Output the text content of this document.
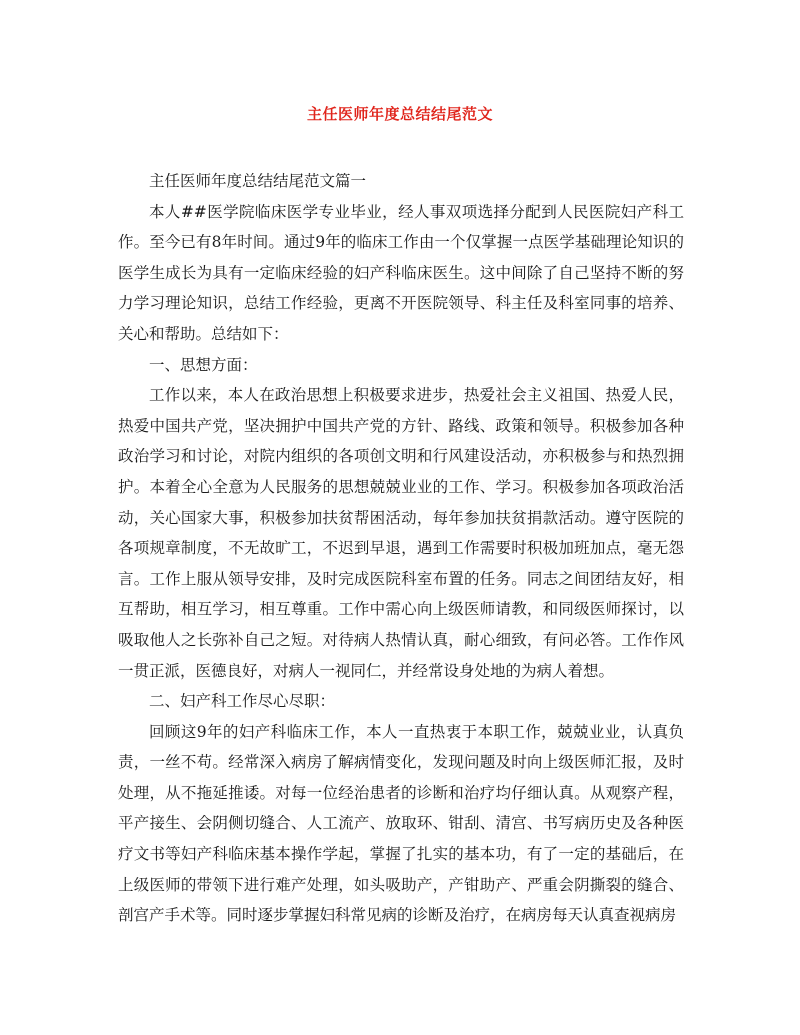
主任医师年度总结结尾范文

主任医师年度总结结尾范文篇一

本人##医学院临床医学专业毕业，经人事双项选择分配到人民医院妇产科工作。至今已有8年时间。通过9年的临床工作由一个仅掌握一点医学基础理论知识的医学生成长为具有一定临床经验的妇产科临床医生。这中间除了自己坚持不断的努力学习理论知识，总结工作经验，更离不开医院领导、科主任及科室同事的培养、关心和帮助。总结如下：

一、思想方面：

工作以来，本人在政治思想上积极要求进步，热爱社会主义祖国、热爱人民，热爱中国共产党，坚决拥护中国共产党的方针、路线、政策和领导。积极参加各种政治学习和讨论，对院内组织的各项创文明和行风建设活动，亦积极参与和热烈拥护。本着全心全意为人民服务的思想兢兢业业的工作、学习。积极参加各项政治活动，关心国家大事，积极参加扶贫帮困活动，每年参加扶贫捐款活动。遵守医院的各项规章制度，不无故旷工，不迟到早退，遇到工作需要时积极加班加点，毫无怨言。工作上服从领导安排，及时完成医院科室布置的任务。同志之间团结友好，相互帮助，相互学习，相互尊重。工作中需心向上级医师请教，和同级医师探讨，以吸取他人之长弥补自己之短。对待病人热情认真，耐心细致，有问必答。工作作风一贯正派，医德良好，对病人一视同仁，并经常设身处地的为病人着想。

二、妇产科工作尽心尽职：

回顾这9年的妇产科临床工作，本人一直热衷于本职工作，兢兢业业，认真负责，一丝不苟。经常深入病房了解病情变化，发现问题及时向上级医师汇报，及时处理，从不拖延推诿。对每一位经治患者的诊断和治疗均仔细认真。从观察产程，平产接生、会阴侧切缝合、人工流产、放取环、钳刮、清宫、书写病历史及各种医疗文书等妇产科临床基本操作学起，掌握了扎实的基本功，有了一定的基础后，在上级医师的带领下进行难产处理，如头吸助产，产钳助产、严重会阴撕裂的缝合、剖宫产手术等。同时逐步掌握妇科常见病的诊断及治疗，在病房每天认真查视病房
